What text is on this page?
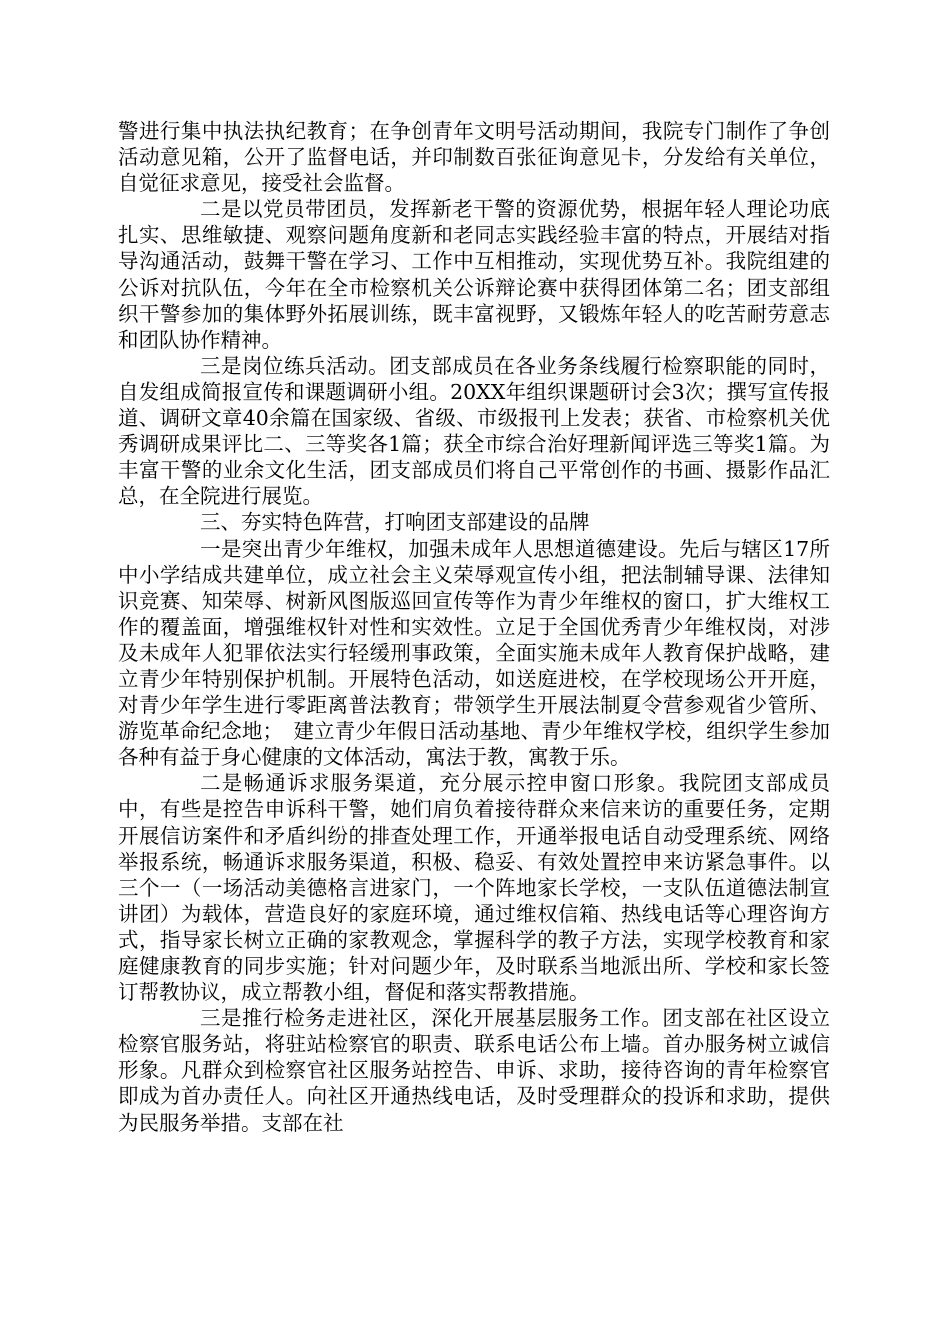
警进行集中执法执纪教育；在争创青年文明号活动期间，我院专门制作了争创活动意见箱，公开了监督电话，并印制数百张征询意见卡，分发给有关单位，自觉征求意见，接受社会监督。

二是以党员带团员，发挥新老干警的资源优势，根据年轻人理论功底扎实、思维敏捷、观察问题角度新和老同志实践经验丰富的特点，开展结对指导沟通活动，鼓舞干警在学习、工作中互相推动，实现优势互补。我院组建的公诉对抗队伍，今年在全市检察机关公诉辩论赛中获得团体第二名；团支部组织干警参加的集体野外拓展训练，既丰富视野，又锻炼年轻人的吃苦耐劳意志和团队协作精神。

三是岗位练兵活动。团支部成员在各业务条线履行检察职能的同时，自发组成简报宣传和课题调研小组。20XX年组织课题研讨会3次；撰写宣传报道、调研文章40余篇在国家级、省级、市级报刊上发表；获省、市检察机关优秀调研成果评比二、三等奖各1篇；获全市综合治好理新闻评选三等奖1篇。为丰富干警的业余文化生活，团支部成员们将自己平常创作的书画、摄影作品汇总，在全院进行展览。

三、夯实特色阵营，打响团支部建设的品牌

一是突出青少年维权，加强未成年人思想道德建设。先后与辖区17所中小学结成共建单位，成立社会主义荣辱观宣传小组，把法制辅导课、法律知识竞赛、知荣辱、树新风图版巡回宣传等作为青少年维权的窗口，扩大维权工作的覆盖面，增强维权针对性和实效性。立足于全国优秀青少年维权岗，对涉及未成年人犯罪依法实行轻缓刑事政策，全面实施未成年人教育保护战略，建立青少年特别保护机制。开展特色活动，如送庭进校，在学校现场公开开庭，对青少年学生进行零距离普法教育；带领学生开展法制夏令营参观省少管所、游览革命纪念地；　建立青少年假日活动基地、青少年维权学校，组织学生参加各种有益于身心健康的文体活动，寓法于教，寓教于乐。

二是畅通诉求服务渠道，充分展示控申窗口形象。我院团支部成员中，有些是控告申诉科干警，她们肩负着接待群众来信来访的重要任务，定期开展信访案件和矛盾纠纷的排查处理工作，开通举报电话自动受理系统、网络举报系统，畅通诉求服务渠道，积极、稳妥、有效处置控申来访紧急事件。以三个一（一场活动美德格言进家门，一个阵地家长学校，一支队伍道德法制宣讲团）为载体，营造良好的家庭环境，通过维权信箱、热线电话等心理咨询方式，指导家长树立正确的家教观念，掌握科学的教子方法，实现学校教育和家庭健康教育的同步实施；针对问题少年，及时联系当地派出所、学校和家长签订帮教协议，成立帮教小组，督促和落实帮教措施。

三是推行检务走进社区，深化开展基层服务工作。团支部在社区设立检察官服务站，将驻站检察官的职责、联系电话公布上墙。首办服务树立诚信形象。凡群众到检察官社区服务站控告、申诉、求助，接待咨询的青年检察官即成为首办责任人。向社区开通热线电话，及时受理群众的投诉和求助，提供为民服务举措。支部在社
